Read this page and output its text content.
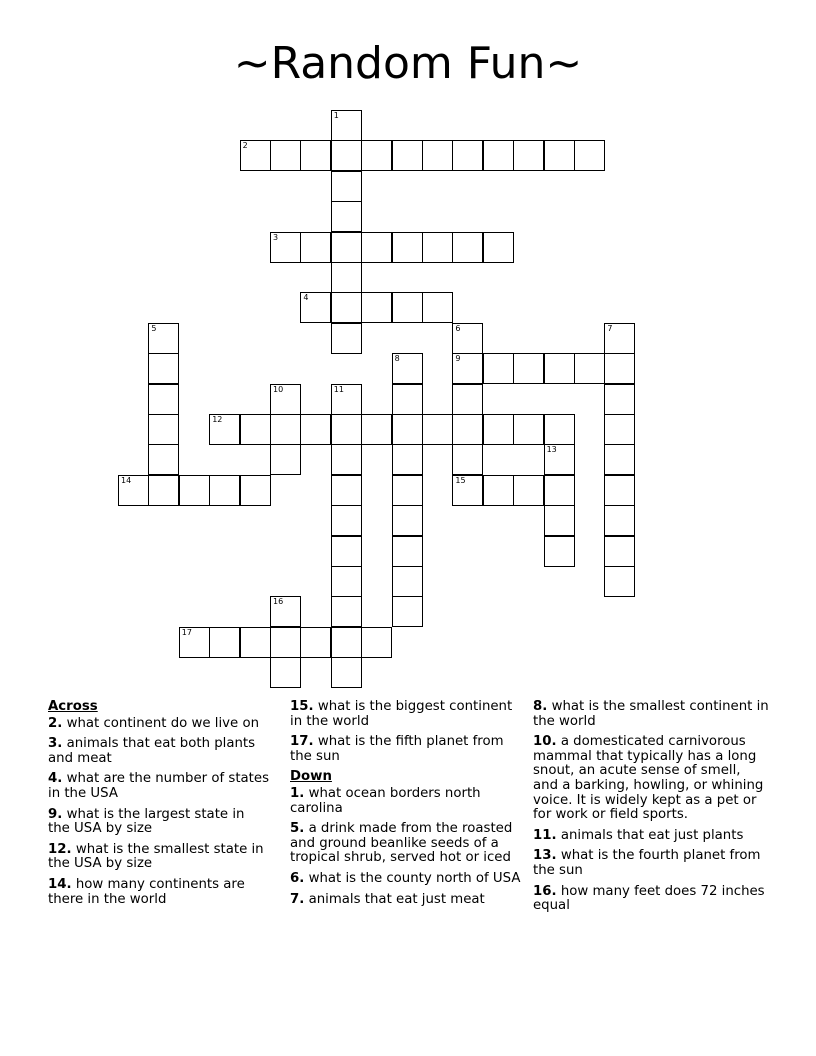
~Random Fun~
1
2
3
4
5	6
9
15
7
8
10	11
12
13
14
16
17
Across
2. what continent do we live on
3. animals that eat both plants and meat
4. what are the number of states in the USA
9. what is the largest state in the USA by size
12. what is the smallest state in the USA by size
14. how many continents are there in the world
15. what is the biggest continent in the world
17. what is the fifth planet from the sun
Down
1. what ocean borders north carolina
5. a drink made from the roasted and ground beanlike seeds of a tropical shrub, served hot or iced
6. what is the county north of USA
7. animals that eat just meat
8. what is the smallest continent in the world
10. a domesticated carnivorous mammal that typically has a long snout, an acute sense of smell, and a barking, howling, or whining voice. It is widely kept as a pet or for work or field sports.
11. animals that eat just plants
13. what is the fourth planet from the sun
16. how many feet does 72 inches equal
